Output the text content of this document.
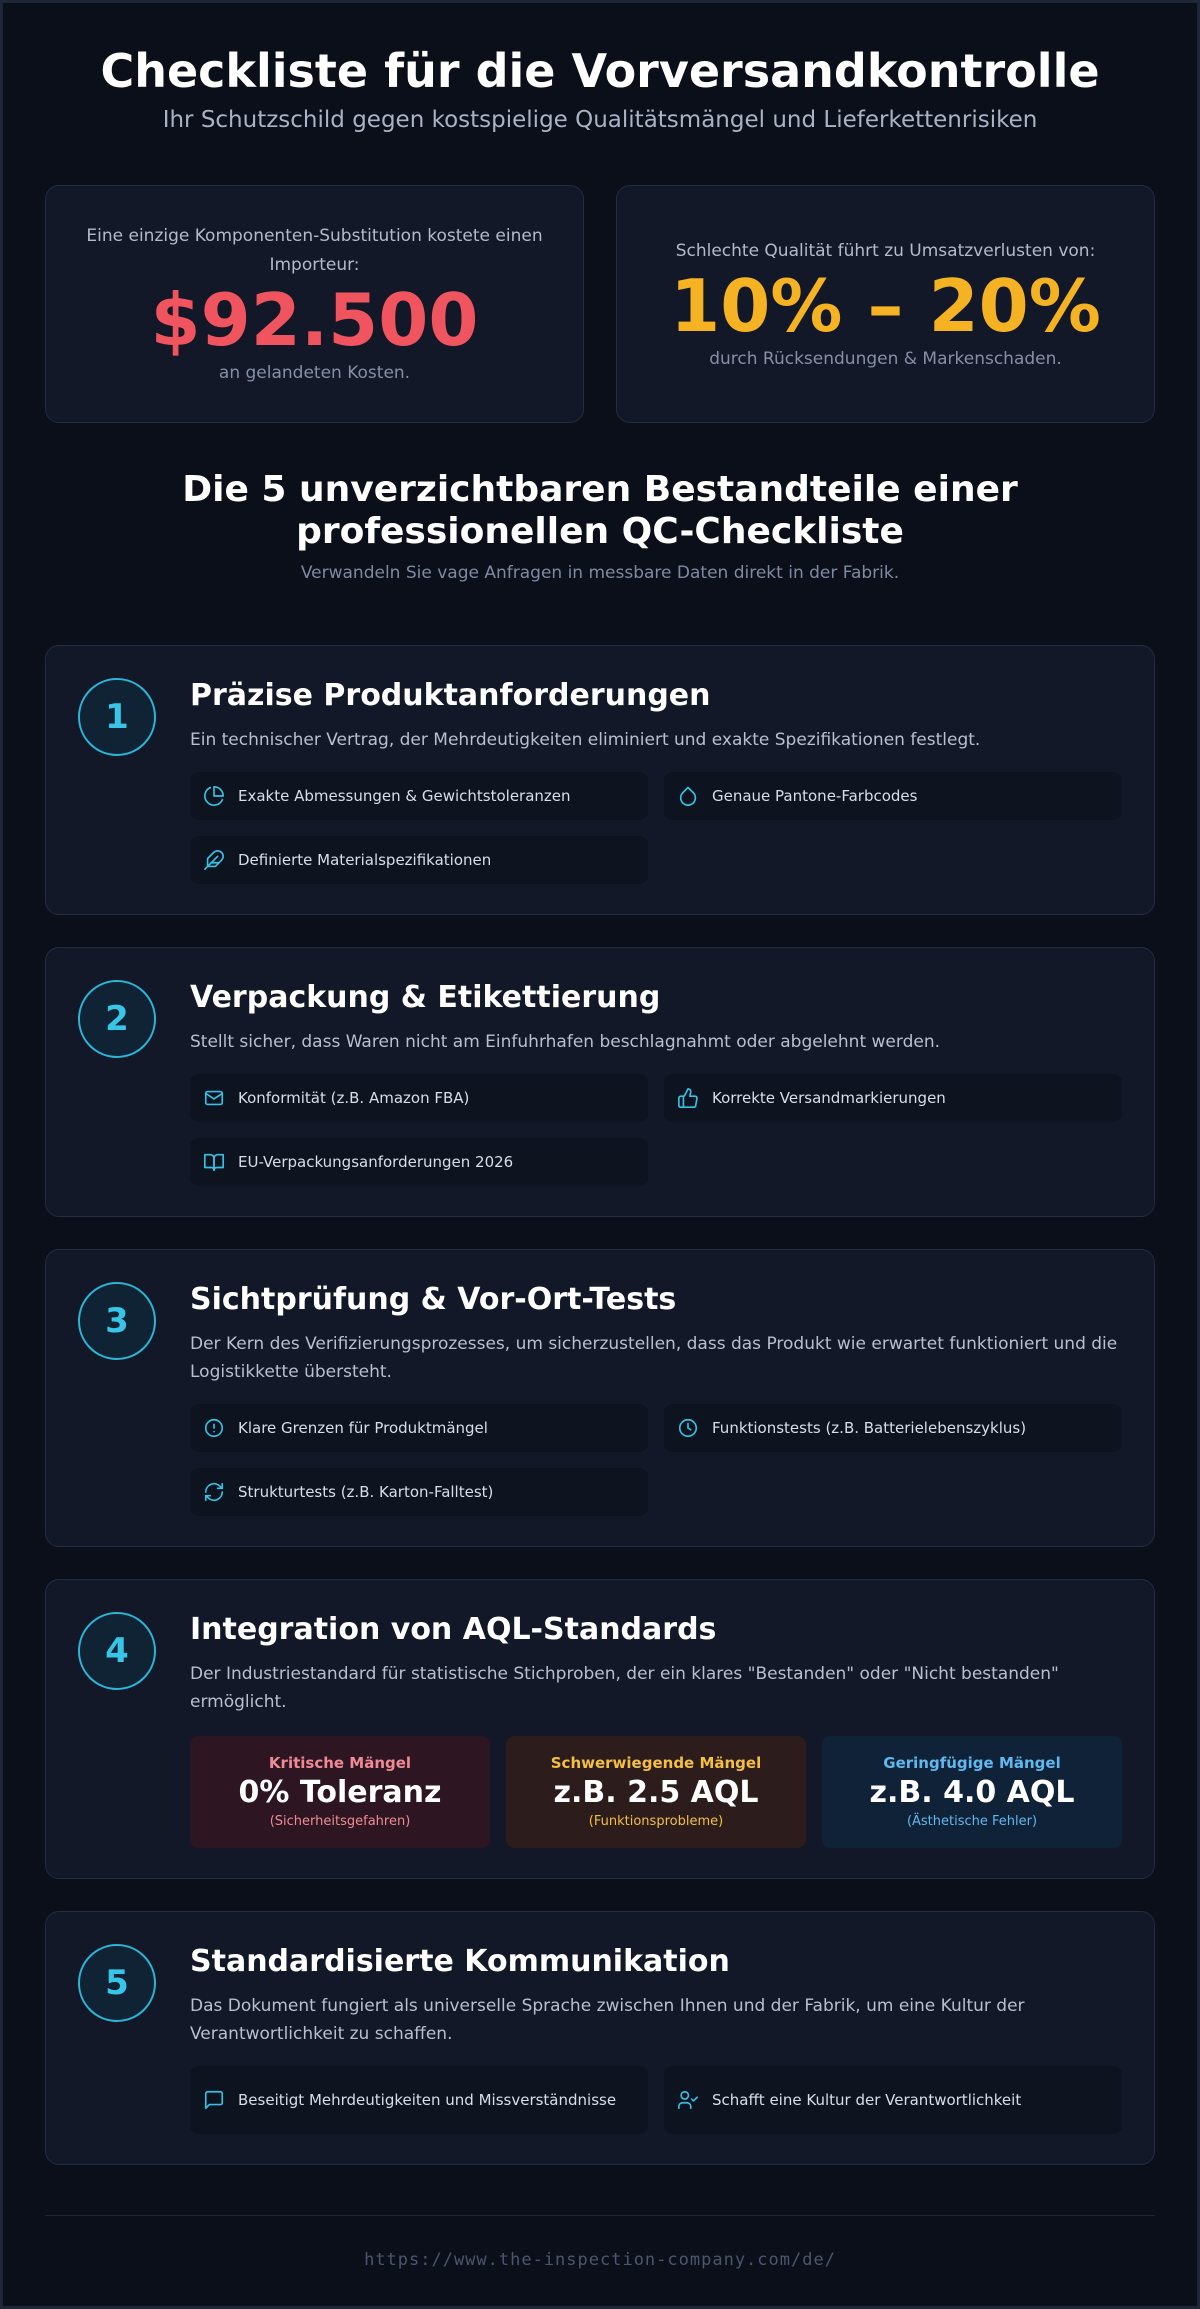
Checkliste für die Vorversandkontrolle

Ihr Schutzschild gegen kostspielige Qualitätsmängel und Lieferkettenrisiken

Eine einzige Komponenten-Substitution kostete einen Importeur:
$92.500
an gelandeten Kosten.
Schlechte Qualität führt zu Umsatzverlusten von:
10% – 20%
durch Rücksendungen & Markenschaden.
Die 5 unverzichtbaren Bestandteile einer professionellen QC-Checkliste

Verwandeln Sie vage Anfragen in messbare Daten direkt in der Fabrik.

1
Präzise Produktanforderungen

Ein technischer Vertrag, der Mehrdeutigkeiten eliminiert und exakte Spezifikationen festlegt.

Exakte Abmessungen & Gewichtstoleranzen	Genaue Pantone-Farbcodes
Definierte Materialspezifikationen
2
Verpackung & Etikettierung

Stellt sicher, dass Waren nicht am Einfuhrhafen beschlagnahmt oder abgelehnt werden.

Konformität (z.B. Amazon FBA)	Korrekte Versandmarkierungen
EU-Verpackungsanforderungen 2026
3
Sichtprüfung & Vor-Ort-Tests

Der Kern des Verifizierungsprozesses, um sicherzustellen, dass das Produkt wie erwartet funktioniert und die Logistikkette übersteht.

Klare Grenzen für Produktmängel	Funktionstests (z.B. Batterielebenszyklus)
Strukturtests (z.B. Karton-Falltest)
4
Integration von AQL-Standards

Der Industriestandard für statistische Stichproben, der ein klares "Bestanden" oder "Nicht bestanden" ermöglicht.

Kritische Mängel
0% Toleranz
(Sicherheitsgefahren)
Schwerwiegende Mängel
z.B. 2.5 AQL
(Funktionsprobleme)
Geringfügige Mängel
z.B. 4.0 AQL
(Ästhetische Fehler)
5
Standardisierte Kommunikation

Das Dokument fungiert als universelle Sprache zwischen Ihnen und der Fabrik, um eine Kultur der Verantwortlichkeit zu schaffen.

Beseitigt Mehrdeutigkeiten und Missverständnisse	Schafft eine Kultur der Verantwortlichkeit
https://www.the-inspection-company.com/de/
